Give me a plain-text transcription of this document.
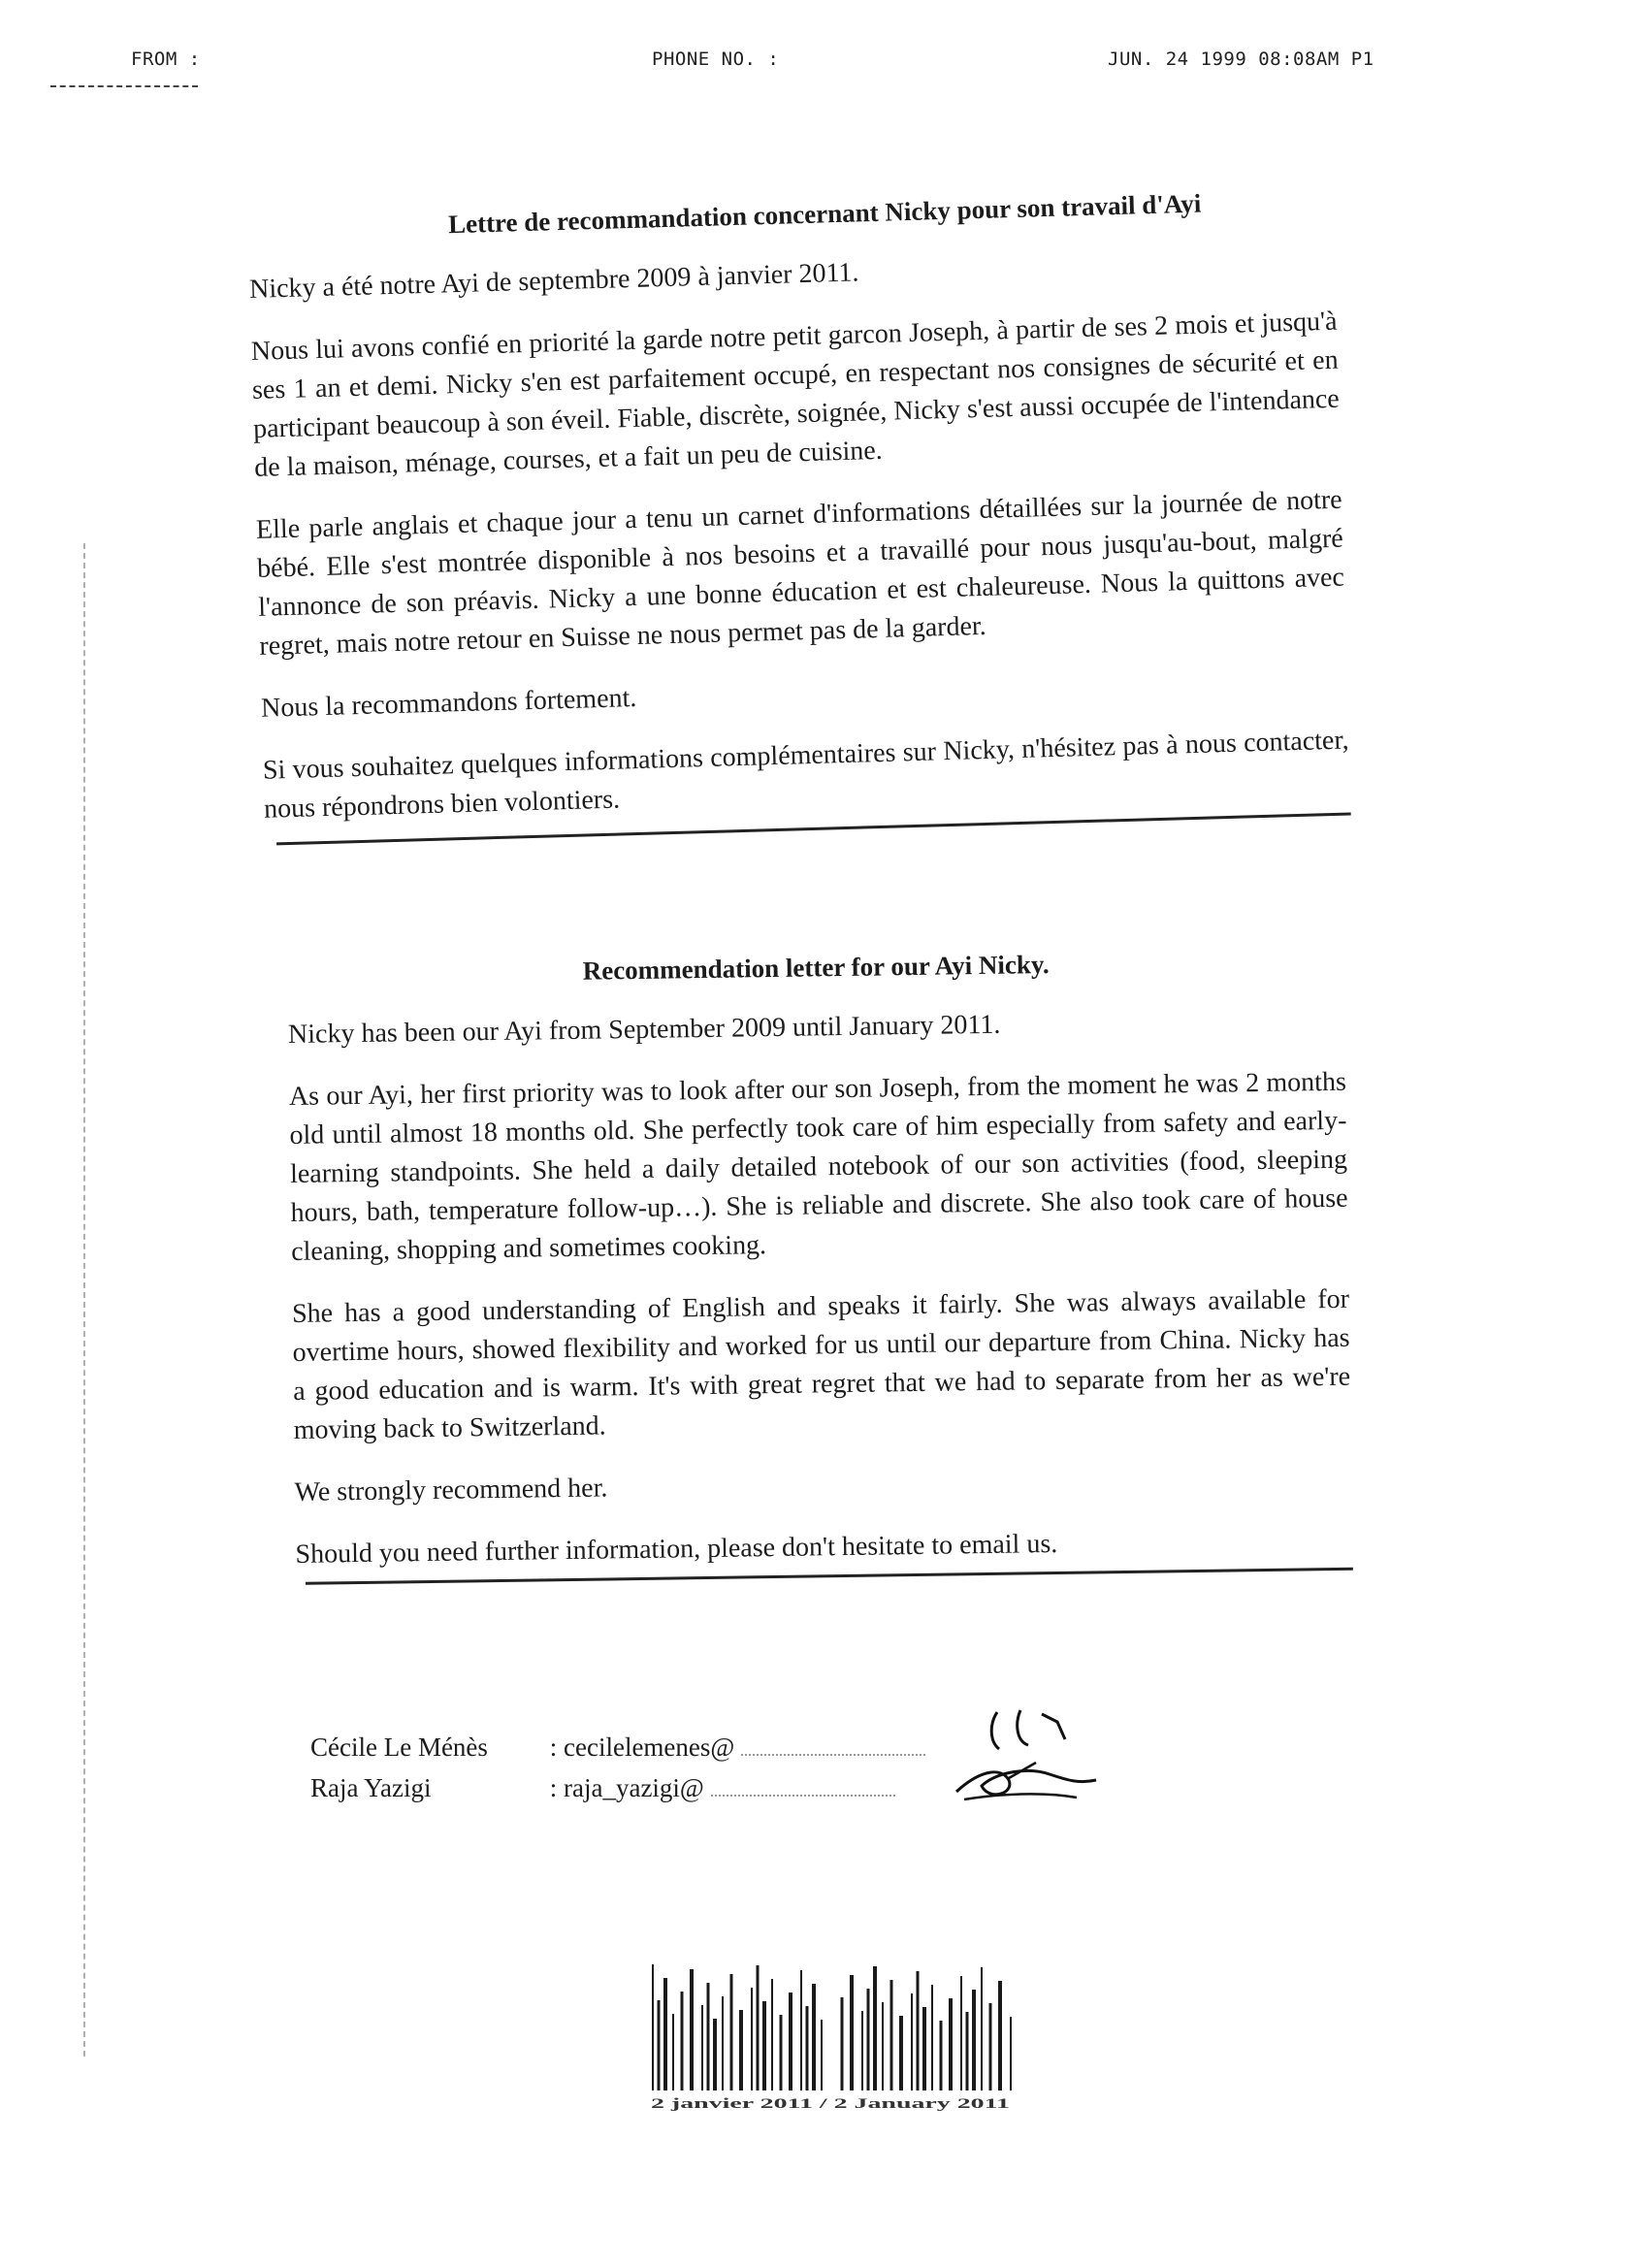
FROM :	PHONE NO. :	JUN. 24 1999 08:08AM P1
Lettre de recommandation concernant Nicky pour son travail d'Ayi

Nicky a été notre Ayi de septembre 2009 à janvier 2011.

Nous lui avons confié en priorité la garde notre petit garcon Joseph, à partir de ses 2 mois et jusqu'à ses 1 an et demi. Nicky s'en est parfaitement occupé, en respectant nos consignes de sécurité et en participant beaucoup à son éveil. Fiable, discrète, soignée, Nicky s'est aussi occupée de l'intendance de la maison, ménage, courses, et a fait un peu de cuisine.

Elle parle anglais et chaque jour a tenu un carnet d'informations détaillées sur la journée de notre bébé. Elle s'est montrée disponible à nos besoins et a travaillé pour nous jusqu'au-bout, malgré l'annonce de son préavis. Nicky a une bonne éducation et est chaleureuse. Nous la quittons avec regret, mais notre retour en Suisse ne nous permet pas de la garder.

Nous la recommandons fortement.

Si vous souhaitez quelques informations complémentaires sur Nicky, n'hésitez pas à nous contacter, nous répondrons bien volontiers.

Recommendation letter for our Ayi Nicky.

Nicky has been our Ayi from September 2009 until January 2011.

As our Ayi, her first priority was to look after our son Joseph, from the moment he was 2 months old until almost 18 months old. She perfectly took care of him especially from safety and early-learning standpoints. She held a daily detailed notebook of our son activities (food, sleeping hours, bath, temperature follow-up…). She is reliable and discrete. She also took care of house cleaning, shopping and sometimes cooking.

She has a good understanding of English and speaks it fairly. She was always available for overtime hours, showed flexibility and worked for us until our departure from China. Nicky has a good education and is warm. It's with great regret that we had to separate from her as we're moving back to Switzerland.

We strongly recommend her.

Should you need further information, please don't hesitate to email us.

Cécile Le Ménès : cecilelemenes@
Raja Yazigi	: raja_yazigi@
2 janvier 2011 / 2 January 2011
